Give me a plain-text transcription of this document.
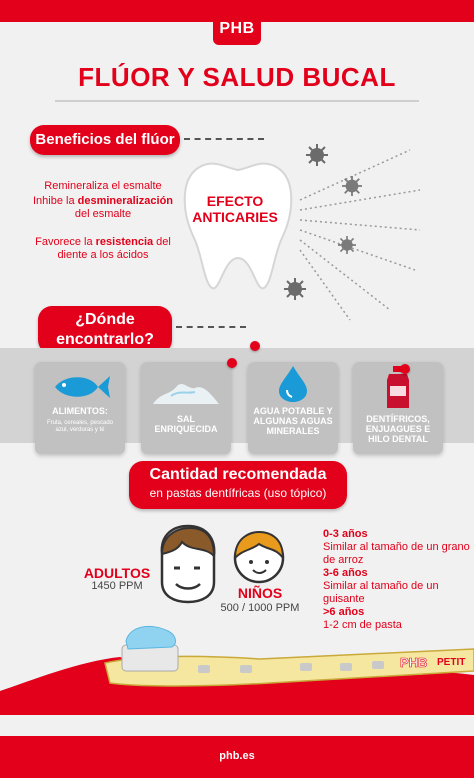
PHB
FLÚOR Y SALUD BUCAL
Beneficios del flúor
Remineraliza el esmalte
Inhibe la desmineralización del esmalte
Favorece la resistencia del diente a los ácidos
EFECTO
ANTICARIES
¿Dónde
encontrarlo?
ALIMENTOS:
Fruta, cereales, pescado azul, verduras y té
SAL ENRIQUECIDA
AGUA POTABLE Y ALGUNAS AGUAS MINERALES
DENTÍFRICOS, ENJUAGUES E HILO DENTAL
Cantidad recomendada
en pastas dentífricas (uso tópico)
ADULTOS
1450 PPM	NIÑOS
500 / 1000 PPM
0-3 años
Similar al tamaño de un grano de arroz
3-6 años
Similar al tamaño de un guisante
>6 años
1-2 cm de pasta
PHB PETIT
phb.es
